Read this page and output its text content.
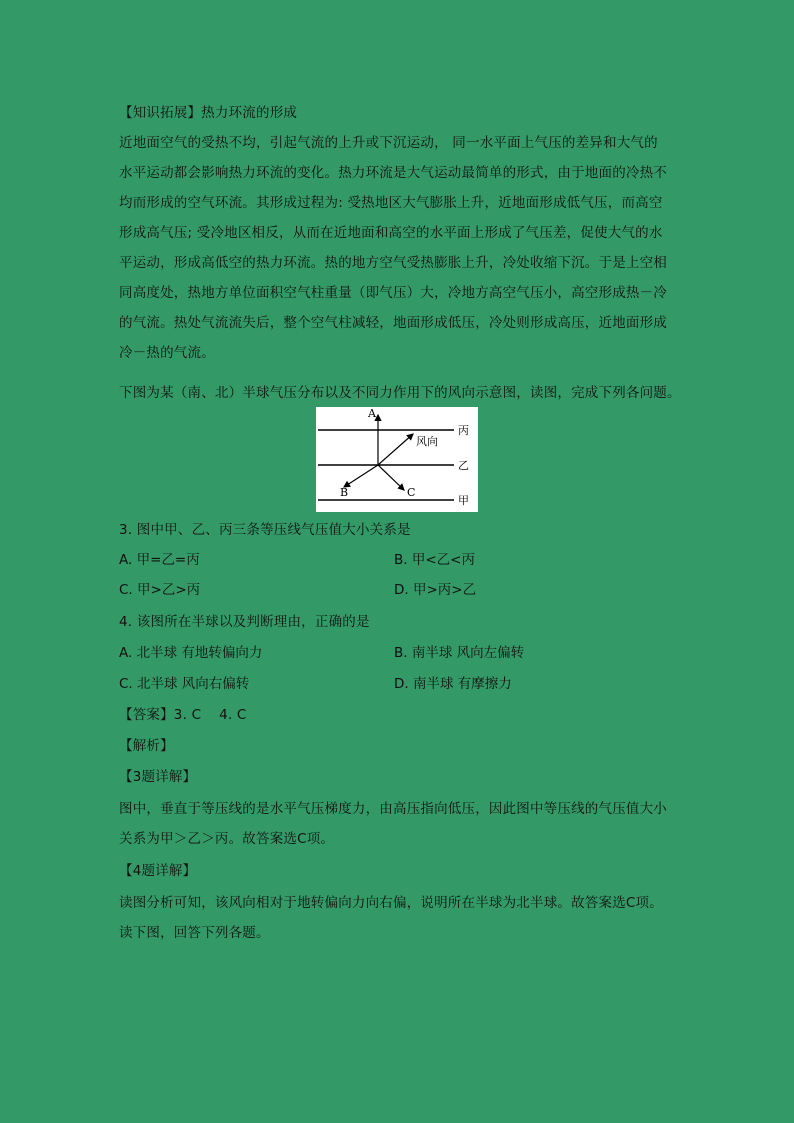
【知识拓展】热力环流的形成
近地面空气的受热不均，引起气流的上升或下沉运动， 同一水平面上气压的差异和大气的
水平运动都会影响热力环流的变化。热力环流是大气运动最简单的形式，由于地面的冷热不
均而形成的空气环流。其形成过程为: 受热地区大气膨胀上升，近地面形成低气压，而高空
形成高气压; 受冷地区相反，从而在近地面和高空的水平面上形成了气压差，促使大气的水
平运动，形成高低空的热力环流。热的地方空气受热膨胀上升，冷处收缩下沉。于是上空相
同高度处，热地方单位面积空气柱重量（即气压）大，冷地方高空气压小，高空形成热－冷
的气流。热处气流流失后，整个空气柱减轻，地面形成低压，冷处则形成高压，近地面形成
冷－热的气流。
下图为某（南、北）半球气压分布以及不同力作用下的风向示意图，读图，完成下列各问题。
A
B	C
风向
丙
乙
甲
3. 图中甲、乙、丙三条等压线气压值大小关系是
A. 甲=乙=丙	B. 甲<乙<丙
C. 甲>乙>丙	D. 甲>丙>乙
4. 该图所在半球以及判断理由，正确的是
A. 北半球 有地转偏向力	B. 南半球 风向左偏转
C. 北半球 风向右偏转	D. 南半球 有摩擦力
【答案】3. C    4. C
【解析】
【3题详解】
图中，垂直于等压线的是水平气压梯度力，由高压指向低压，因此图中等压线的气压值大小
关系为甲＞乙＞丙。故答案选C项。
【4题详解】
读图分析可知，该风向相对于地转偏向力向右偏，说明所在半球为北半球。故答案选C项。
读下图，回答下列各题。
